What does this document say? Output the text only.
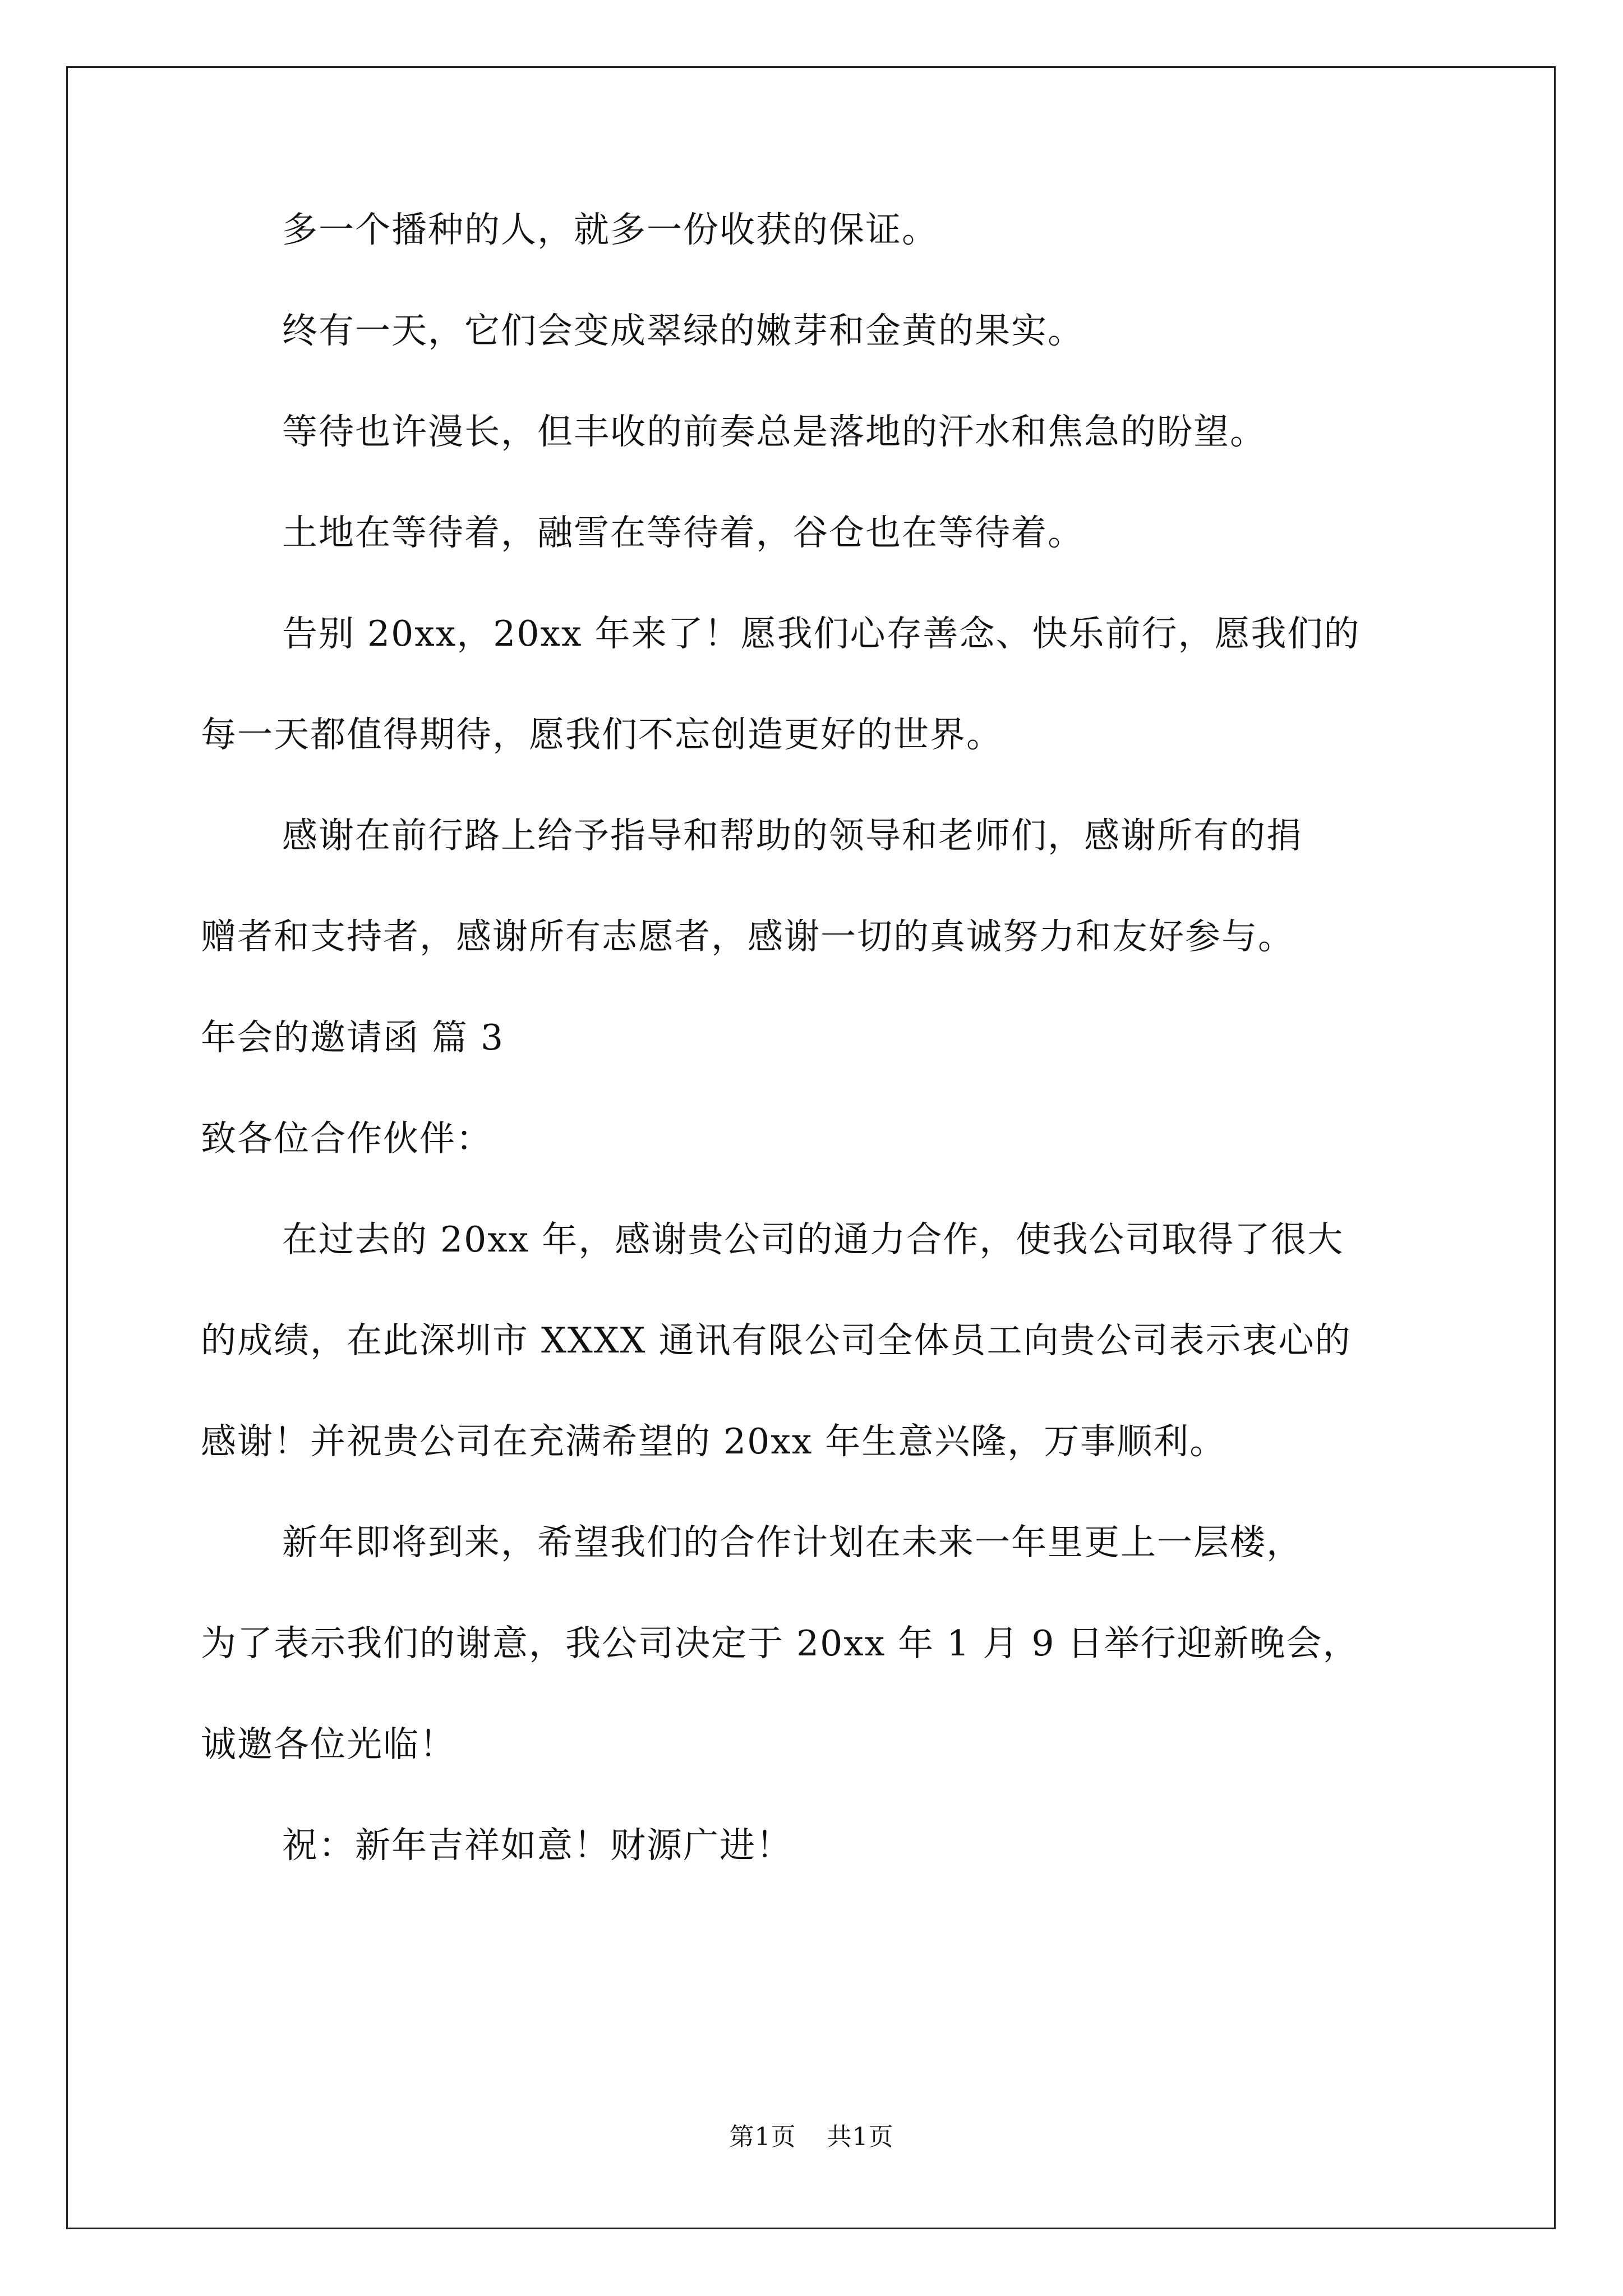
多一个播种的人，就多一份收获的保证。
终有一天，它们会变成翠绿的嫩芽和金黄的果实。
等待也许漫长，但丰收的前奏总是落地的汗水和焦急的盼望。
土地在等待着，融雪在等待着，谷仓也在等待着。
告别 20xx，20xx 年来了！愿我们心存善念、快乐前行，愿我们的
每一天都值得期待，愿我们不忘创造更好的世界。
感谢在前行路上给予指导和帮助的领导和老师们，感谢所有的捐
赠者和支持者，感谢所有志愿者，感谢一切的真诚努力和友好参与。
年会的邀请函 篇 3
致各位合作伙伴：
在过去的 20xx 年，感谢贵公司的通力合作，使我公司取得了很大
的成绩，在此深圳市 XXXX 通讯有限公司全体员工向贵公司表示衷心的
感谢！并祝贵公司在充满希望的 20xx 年生意兴隆，万事顺利。
新年即将到来，希望我们的合作计划在未来一年里更上一层楼，
为了表示我们的谢意，我公司决定于 20xx 年 1 月 9 日举行迎新晚会，
诚邀各位光临！
祝：新年吉祥如意！财源广进！
第1页 共1页
